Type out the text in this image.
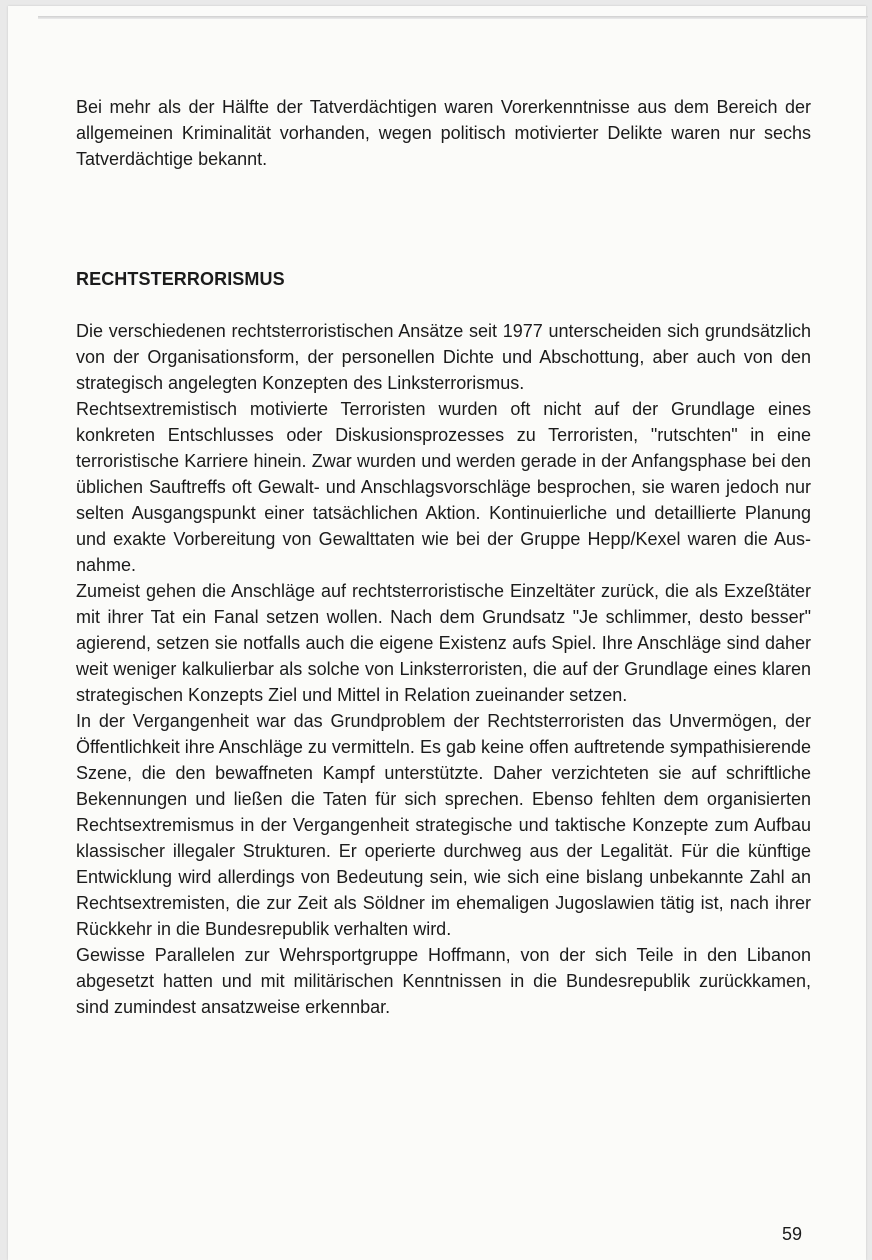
Bei mehr als der Hälfte der Tatverdächtigen waren Vorerkenntnisse aus dem Bereich der allgemeinen Kriminalität vorhanden, wegen politisch motivierter Delikte waren nur sechs Tatverdächtige bekannt.

RECHTSTERRORISMUS

Die verschiedenen rechtsterroristischen Ansätze seit 1977 unterscheiden sich grundsätzlich von der Organisationsform, der personellen Dichte und Abschottung, aber auch von den strategisch angelegten Konzepten des Linksterrorismus.

Rechtsextremistisch motivierte Terroristen wurden oft nicht auf der Grundlage eines konkreten Entschlusses oder Diskusionsprozesses zu Terroristen, "rutschten" in eine terroristische Karriere hinein. Zwar wurden und werden gerade in der Anfangsphase bei den üblichen Sauftreffs oft Gewalt- und Anschlagsvorschläge besprochen, sie waren jedoch nur selten Ausgangspunkt einer tatsächlichen Aktion. Kontinuierliche und detaillierte Planung und exakte Vorbereitung von Gewalttaten wie bei der Gruppe Hepp/Kexel waren die Ausnahme.

Zumeist gehen die Anschläge auf rechtsterroristische Einzeltäter zurück, die als Exzeßtäter mit ihrer Tat ein Fanal setzen wollen. Nach dem Grundsatz "Je schlimmer, desto besser" agierend, setzen sie notfalls auch die eigene Existenz aufs Spiel. Ihre Anschläge sind daher weit weniger kalkulierbar als solche von Linksterroristen, die auf der Grundlage eines klaren strategischen Konzepts Ziel und Mittel in Relation zueinander setzen.

In der Vergangenheit war das Grundproblem der Rechtsterroristen das Unvermögen, der Öffentlichkeit ihre Anschläge zu vermitteln. Es gab keine offen auftretende sympathisierende Szene, die den bewaffneten Kampf unterstützte. Daher verzichteten sie auf schriftliche Bekennungen und ließen die Taten für sich sprechen. Ebenso fehlten dem organisierten Rechtsextremismus in der Vergangenheit strategische und taktische Konzepte zum Aufbau klassischer illegaler Strukturen. Er operierte durchweg aus der Legalität. Für die künftige Entwicklung wird allerdings von Bedeutung sein, wie sich eine bislang unbekannte Zahl an Rechtsextremisten, die zur Zeit als Söldner im ehemaligen Jugoslawien tätig ist, nach ihrer Rückkehr in die Bundesrepublik verhalten wird.

Gewisse Parallelen zur Wehrsportgruppe Hoffmann, von der sich Teile in den Libanon abgesetzt hatten und mit militärischen Kenntnissen in die Bundesrepublik zurückkamen, sind zumindest ansatzweise erkennbar.

59
